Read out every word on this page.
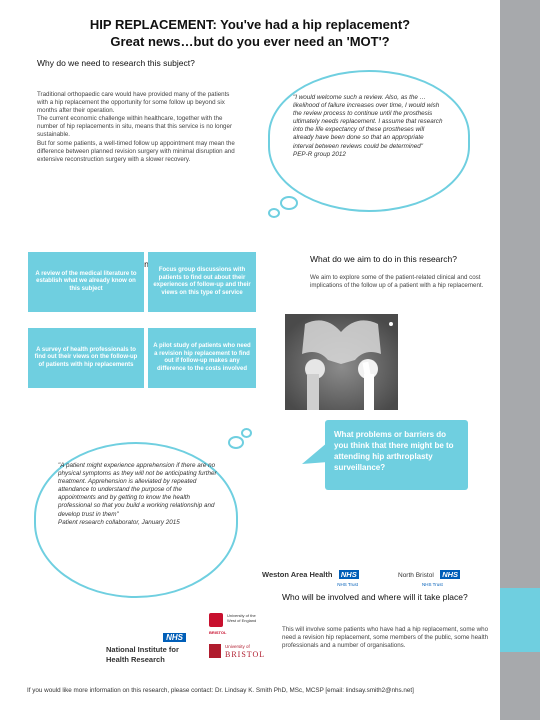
HIP REPLACEMENT: You've had a hip replacement?
Great news…but do you ever need an 'MOT'?
Why do we need to research this subject?
Traditional orthopaedic care would have provided many of the patients with a hip replacement the opportunity for some follow up beyond six months after their operation.
The current economic challenge within healthcare, together with the number of hip replacements in situ, means that this service is no longer sustainable.
But for some patients, a well-timed follow up appointment may mean the difference between planned revision surgery with minimal disruption and extensive reconstruction surgery with a slower recovery.
"I would welcome such a review. Also, as the …likelihood of failure increases over time, I would wish the review process to continue until the prosthesis ultimately needs replacement. I assume that research into the life expectancy of these prostheses will already have been done so that an appropriate interval between reviews could be determined"
PEP-R group 2012
A review of the medical literature to establish what we already know on this subject
Focus group discussions with patients to find out about their experiences of follow-up and their views on this type of service
A survey of health professionals to find out their views on the follow-up of patients with hip replacements
A pilot study of patients who need a revision hip replacement to find out if follow-up makes any difference to the costs involved
What do we aim to do in this research?
We aim to explore some of the patient-related clinical and cost implications of the follow up of a patient with a hip replacement.
What problems or barriers do you think that there might be to attending hip arthroplasty surveillance?
"A patient might experience apprehension if there are no physical symptoms as they will not be anticipating further treatment. Apprehension is alleviated by repeated attendance to understand the purpose of the appointments and by getting to know the health professional so that you build a working relationship and develop trust in them"
Patient research collaborator, January 2015
Weston Area Health NHS
NHS Trust
North Bristol NHS
NHS Trust
NHS
National Institute for
Health Research
University of the
West of England
BRISTOL
University of
BRISTOL
Who will be involved and where will it take place?
This will involve some patients who have had a hip replacement, some who need a revision hip replacement, some members of the public, some health professionals and a number of organisations.
If you would like more information on this research, please contact: Dr. Lindsay K. Smith PhD, MSc, MCSP [email: lindsay.smith2@nhs.net]
